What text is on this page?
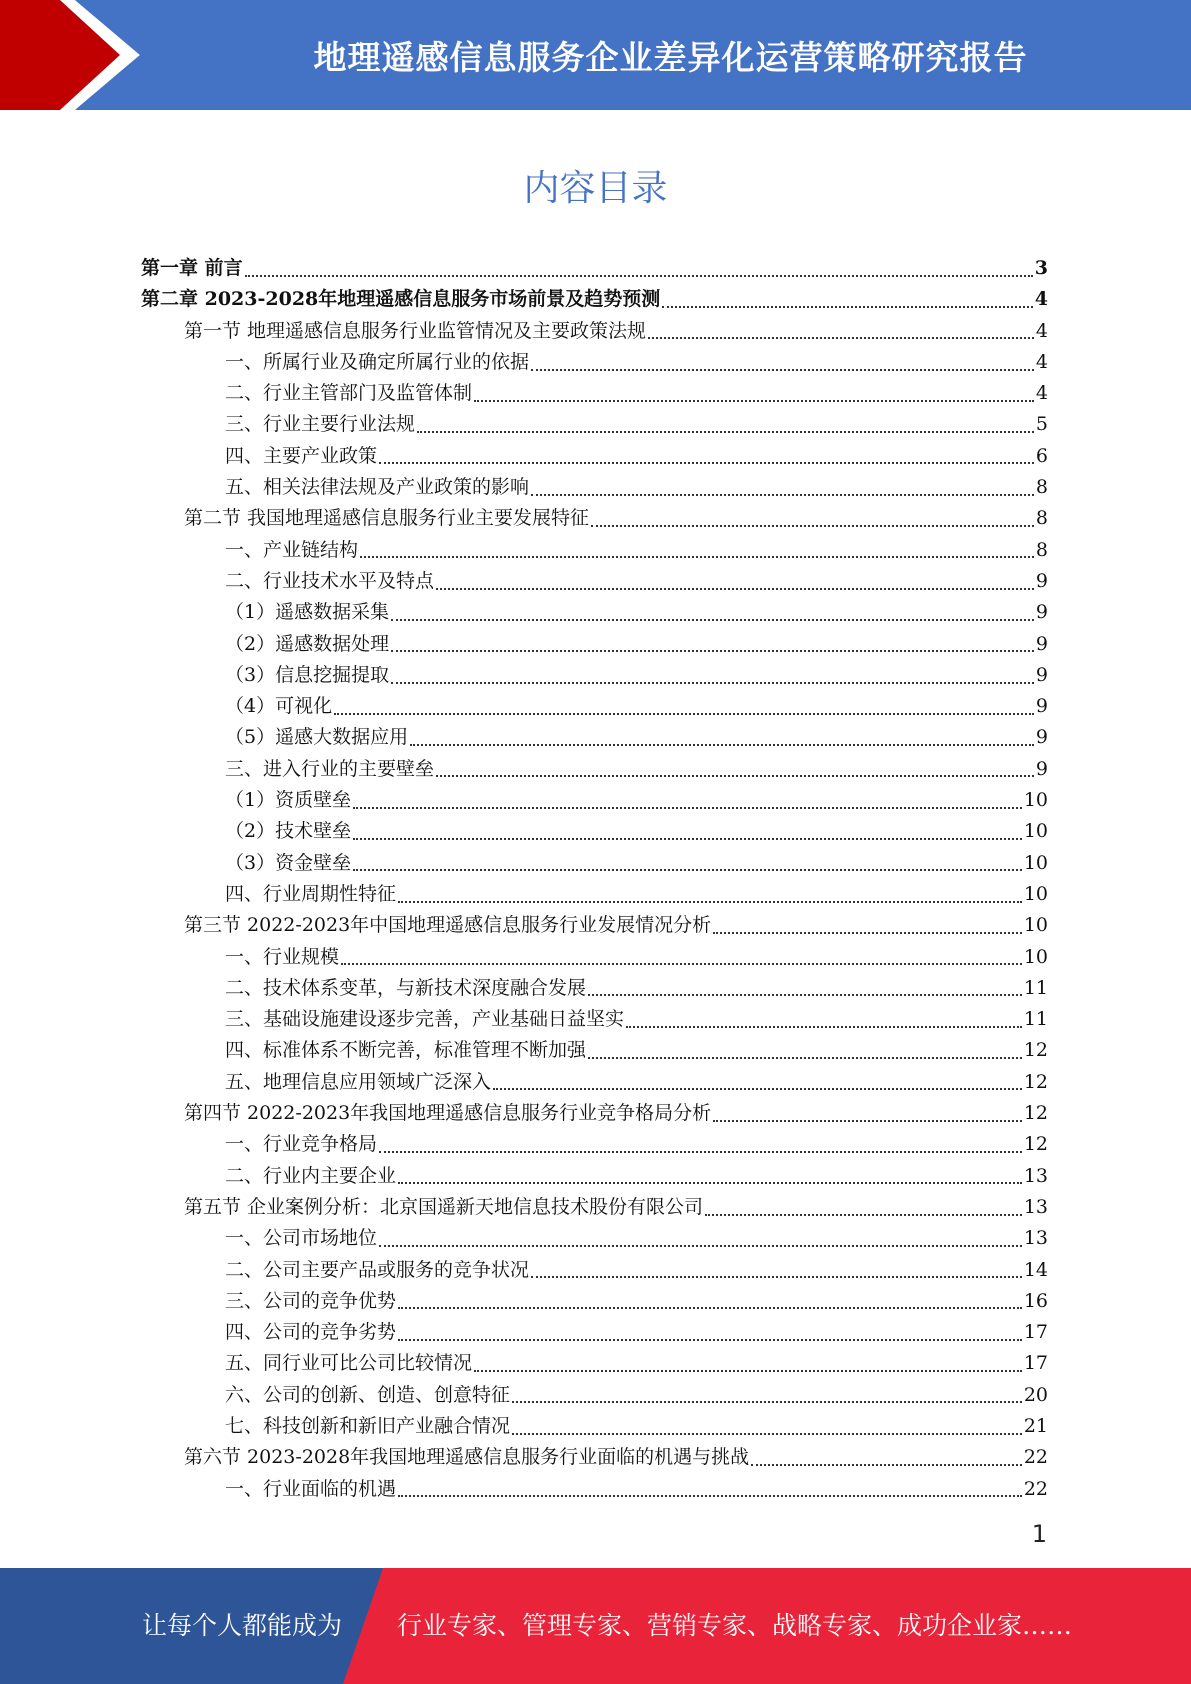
地理遥感信息服务企业差异化运营策略研究报告
内容目录
第一章 前言	3
第二章 2023-2028年地理遥感信息服务市场前景及趋势预测	4
第一节 地理遥感信息服务行业监管情况及主要政策法规	4
一、所属行业及确定所属行业的依据	4
二、行业主管部门及监管体制	4
三、行业主要行业法规	5
四、主要产业政策	6
五、相关法律法规及产业政策的影响	8
第二节 我国地理遥感信息服务行业主要发展特征	8
一、产业链结构	8
二、行业技术水平及特点	9
（1）遥感数据采集	9
（2）遥感数据处理	9
（3）信息挖掘提取	9
（4）可视化	9
（5）遥感大数据应用	9
三、进入行业的主要壁垒	9
（1）资质壁垒	10
（2）技术壁垒	10
（3）资金壁垒	10
四、行业周期性特征	10
第三节 2022-2023年中国地理遥感信息服务行业发展情况分析	10
一、行业规模	10
二、技术体系变革，与新技术深度融合发展	11
三、基础设施建设逐步完善，产业基础日益坚实	11
四、标准体系不断完善，标准管理不断加强	12
五、地理信息应用领域广泛深入	12
第四节 2022-2023年我国地理遥感信息服务行业竞争格局分析	12
一、行业竞争格局	12
二、行业内主要企业	13
第五节 企业案例分析：北京国遥新天地信息技术股份有限公司	13
一、公司市场地位	13
二、公司主要产品或服务的竞争状况	14
三、公司的竞争优势	16
四、公司的竞争劣势	17
五、同行业可比公司比较情况	17
六、公司的创新、创造、创意特征	20
七、科技创新和新旧产业融合情况	21
第六节 2023-2028年我国地理遥感信息服务行业面临的机遇与挑战	22
一、行业面临的机遇	22
1
让每个人都能成为 行业专家、管理专家、营销专家、战略专家、成功企业家……
